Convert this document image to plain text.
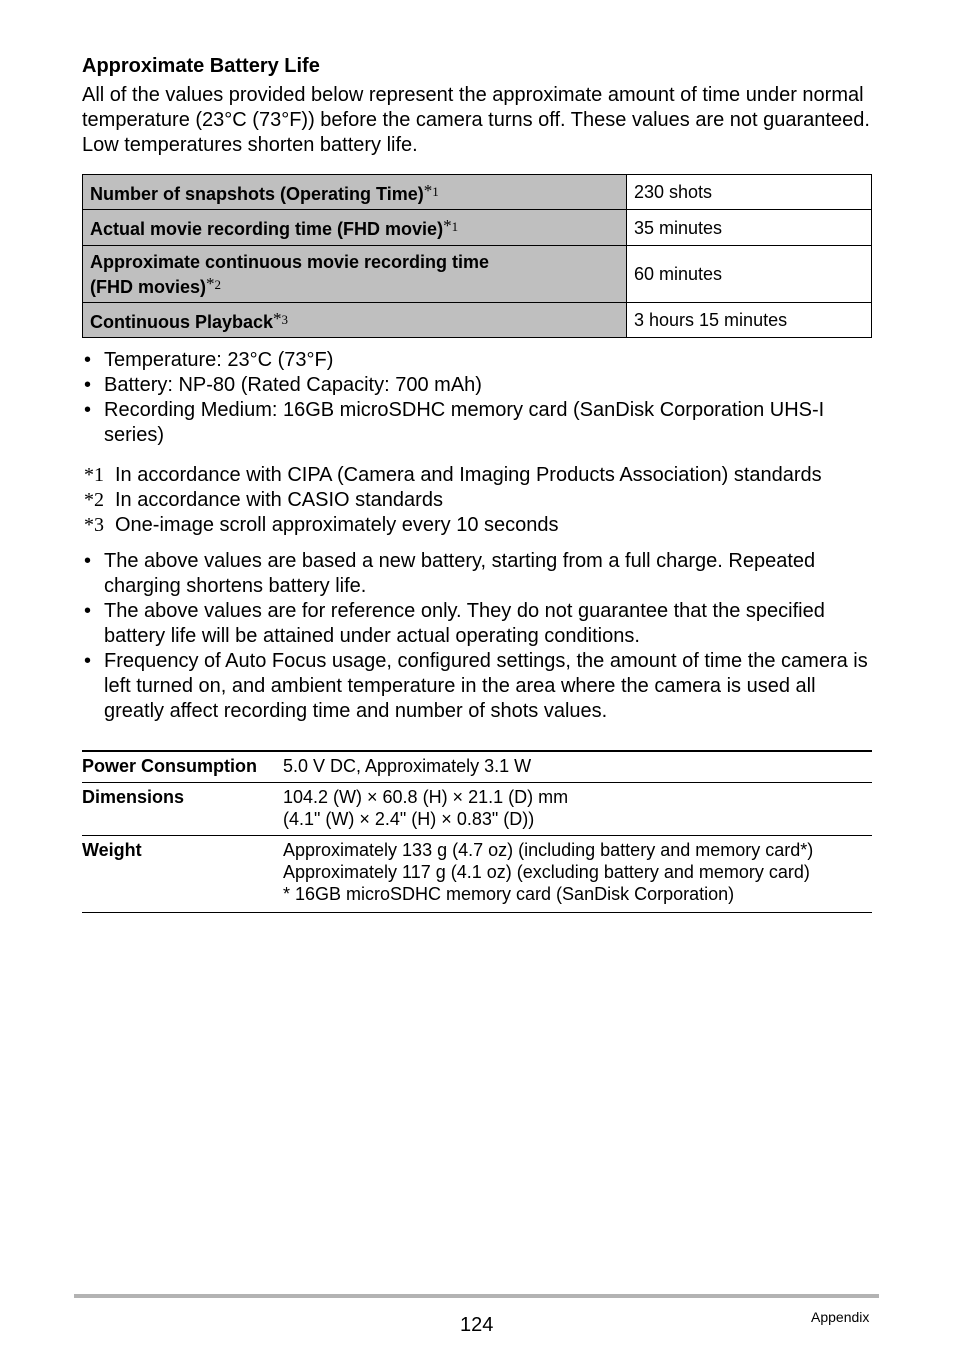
Approximate Battery Life

All of the values provided below represent the approximate amount of time under normal temperature (23°C (73°F)) before the camera turns off. These values are not guaranteed. Low temperatures shorten battery life.

Number of snapshots (Operating Time)*1	230 shots
Actual movie recording time (FHD movie)*1	35 minutes

Approximate continuous movie recording time
(FHD movies)*2	60 minutes
Continuous Playback*3	3 hours 15 minutes
• Temperature: 23°C (73°F)
• Battery: NP-80 (Rated Capacity: 700 mAh)
• Recording Medium: 16GB microSDHC memory card (SanDisk Corporation UHS-I series)
*1 In accordance with CIPA (Camera and Imaging Products Association) standards
*2 In accordance with CASIO standards
*3 One-image scroll approximately every 10 seconds
• The above values are based a new battery, starting from a full charge. Repeated charging shortens battery life.
• The above values are for reference only. They do not guarantee that the specified battery life will be attained under actual operating conditions.
• Frequency of Auto Focus usage, configured settings, the amount of time the camera is left turned on, and ambient temperature in the area where the camera is used all greatly affect recording time and number of shots values.
Power Consumption	5.0 V DC, Approximately 3.1 W
Dimensions	104.2 (W) × 60.8 (H) × 21.1 (D) mm
(4.1" (W) × 2.4" (H) × 0.83" (D))

Weight	Approximately 133 g (4.7 oz) (including battery and memory card*)
Approximately 117 g (4.1 oz) (excluding battery and memory card)
* 16GB microSDHC memory card (SanDisk Corporation)
124	Appendix
